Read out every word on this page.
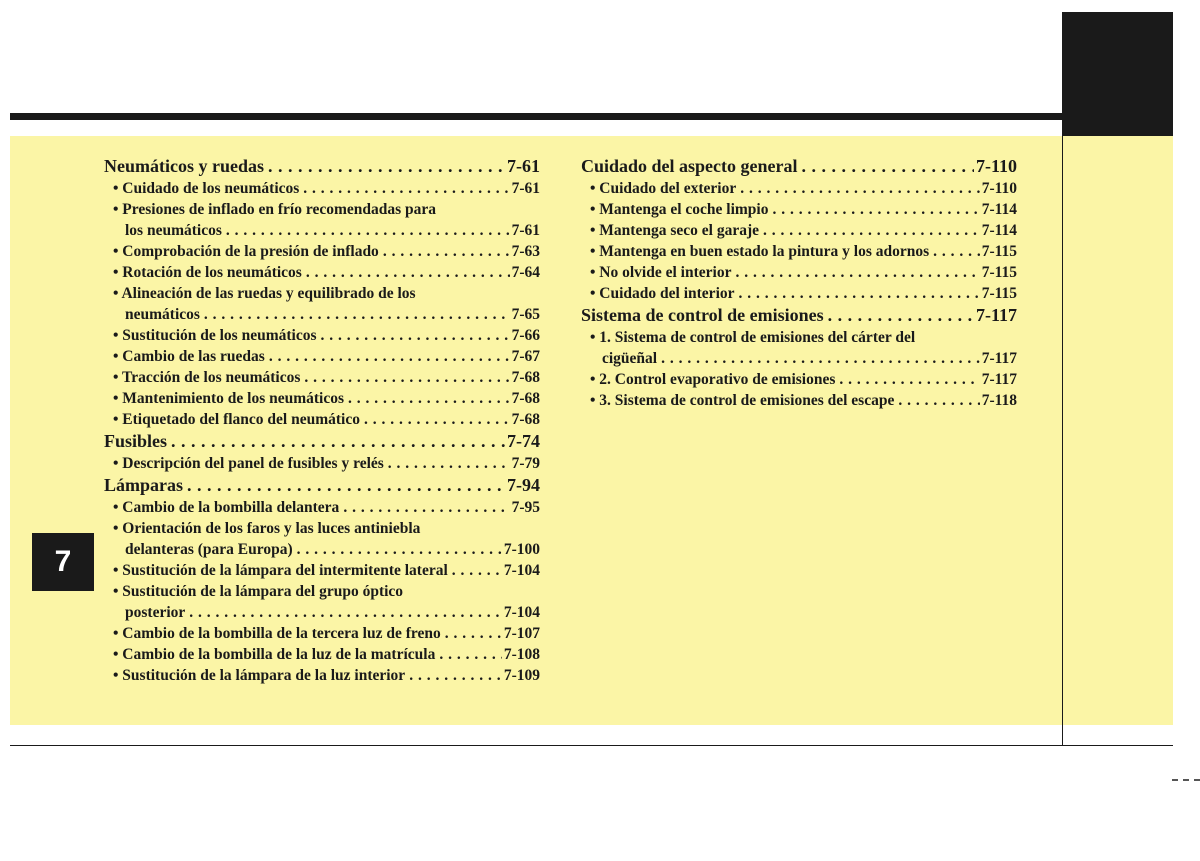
7
Neumáticos y ruedas . . .	7-61
• Cuidado de los neumáticos . . .	7-61
• Presiones de inflado en frío recomendadas para
los neumáticos . . .	7-61
• Comprobación de la presión de inflado . . .	7-63
• Rotación de los neumáticos . . .	7-64
• Alineación de las ruedas y equilibrado de los
neumáticos . . .	7-65
• Sustitución de los neumáticos . . .	7-66
• Cambio de las ruedas . . .	7-67
• Tracción de los neumáticos . . .	7-68
• Mantenimiento de los neumáticos . . .	7-68
• Etiquetado del flanco del neumático . . .	7-68
Fusibles . . .	7-74
• Descripción del panel de fusibles y relés . . .	7-79
Lámparas . . .	7-94
• Cambio de la bombilla delantera . . .	7-95
• Orientación de los faros y las luces antiniebla
delanteras (para Europa) . . .	7-100
• Sustitución de la lámpara del intermitente lateral . . .	7-104
• Sustitución de la lámpara del grupo óptico
posterior . . .	7-104
• Cambio de la bombilla de la tercera luz de freno . . .	7-107
• Cambio de la bombilla de la luz de la matrícula . . .	7-108
• Sustitución de la lámpara de la luz interior . . .	7-109
Cuidado del aspecto general . . .	7-110
• Cuidado del exterior . . .	7-110
• Mantenga el coche limpio . . .	7-114
• Mantenga seco el garaje . . .	7-114
• Mantenga en buen estado la pintura y los adornos . . .	7-115
• No olvide el interior . . .	7-115
• Cuidado del interior . . .	7-115
Sistema de control de emisiones . . .	7-117
• 1. Sistema de control de emisiones del cárter del
cigüeñal . . .	7-117
• 2. Control evaporativo de emisiones . . .	7-117
• 3. Sistema de control de emisiones del escape . . .	7-118
